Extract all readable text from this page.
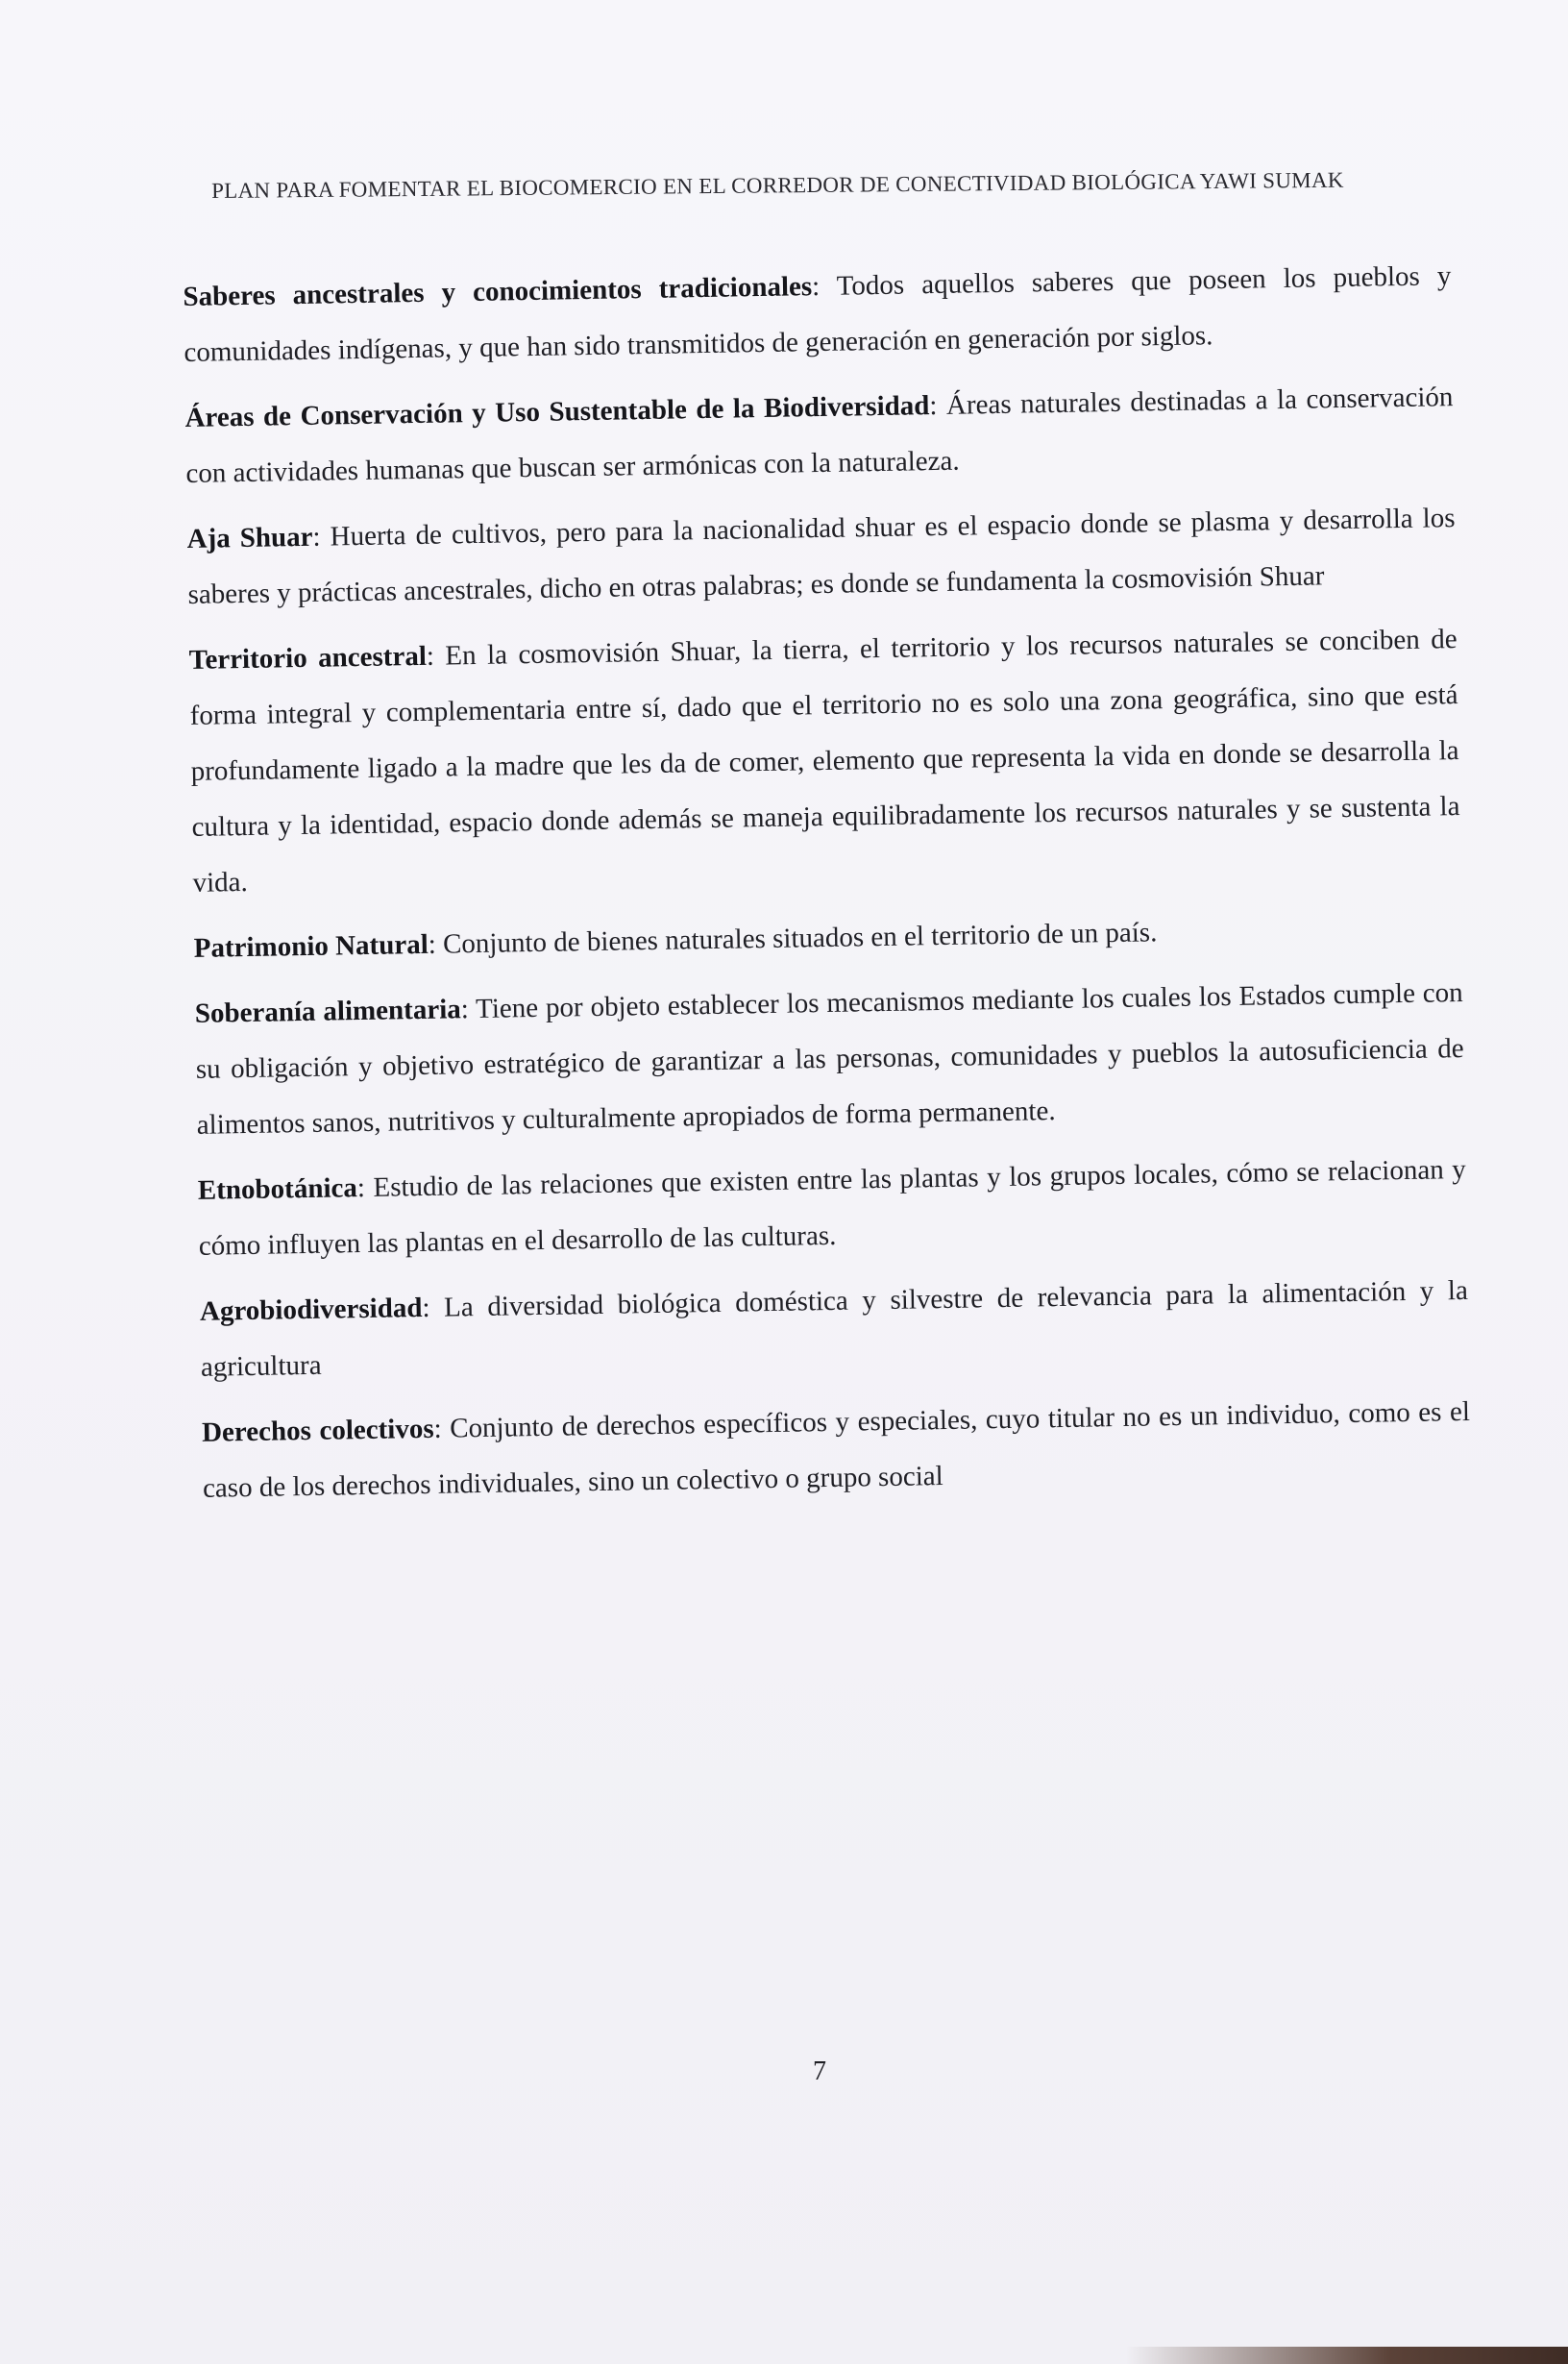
PLAN PARA FOMENTAR EL BIOCOMERCIO EN EL CORREDOR DE CONECTIVIDAD BIOLÓGICA YAWI SUMAK

Saberes ancestrales y conocimientos tradicionales: Todos aquellos saberes que poseen los pueblos y comunidades indígenas, y que han sido transmitidos de generación en generación por siglos.

Áreas de Conservación y Uso Sustentable de la Biodiversidad: Áreas naturales destinadas a la conservación con actividades humanas que buscan ser armónicas con la naturaleza.

Aja Shuar: Huerta de cultivos, pero para la nacionalidad shuar es el espacio donde se plasma y desarrolla los saberes y prácticas ancestrales, dicho en otras palabras; es donde se fundamenta la cosmovisión Shuar

Territorio ancestral: En la cosmovisión Shuar, la tierra, el territorio y los recursos naturales se conciben de forma integral y complementaria entre sí, dado que el territorio no es solo una zona geográfica, sino que está profundamente ligado a la madre que les da de comer, elemento que representa la vida en donde se desarrolla la cultura y la identidad, espacio donde además se maneja equilibradamente los recursos naturales y se sustenta la vida.

Patrimonio Natural: Conjunto de bienes naturales situados en el territorio de un país.

Soberanía alimentaria: Tiene por objeto establecer los mecanismos mediante los cuales los Estados cumple con su obligación y objetivo estratégico de garantizar a las personas, comunidades y pueblos la autosuficiencia de alimentos sanos, nutritivos y culturalmente apropiados de forma permanente.

Etnobotánica: Estudio de las relaciones que existen entre las plantas y los grupos locales, cómo se relacionan y cómo influyen las plantas en el desarrollo de las culturas.

Agrobiodiversidad: La diversidad biológica doméstica y silvestre de relevancia para la alimentación y la agricultura

Derechos colectivos: Conjunto de derechos específicos y especiales, cuyo titular no es un individuo, como es el caso de los derechos individuales, sino un colectivo o grupo social

7
